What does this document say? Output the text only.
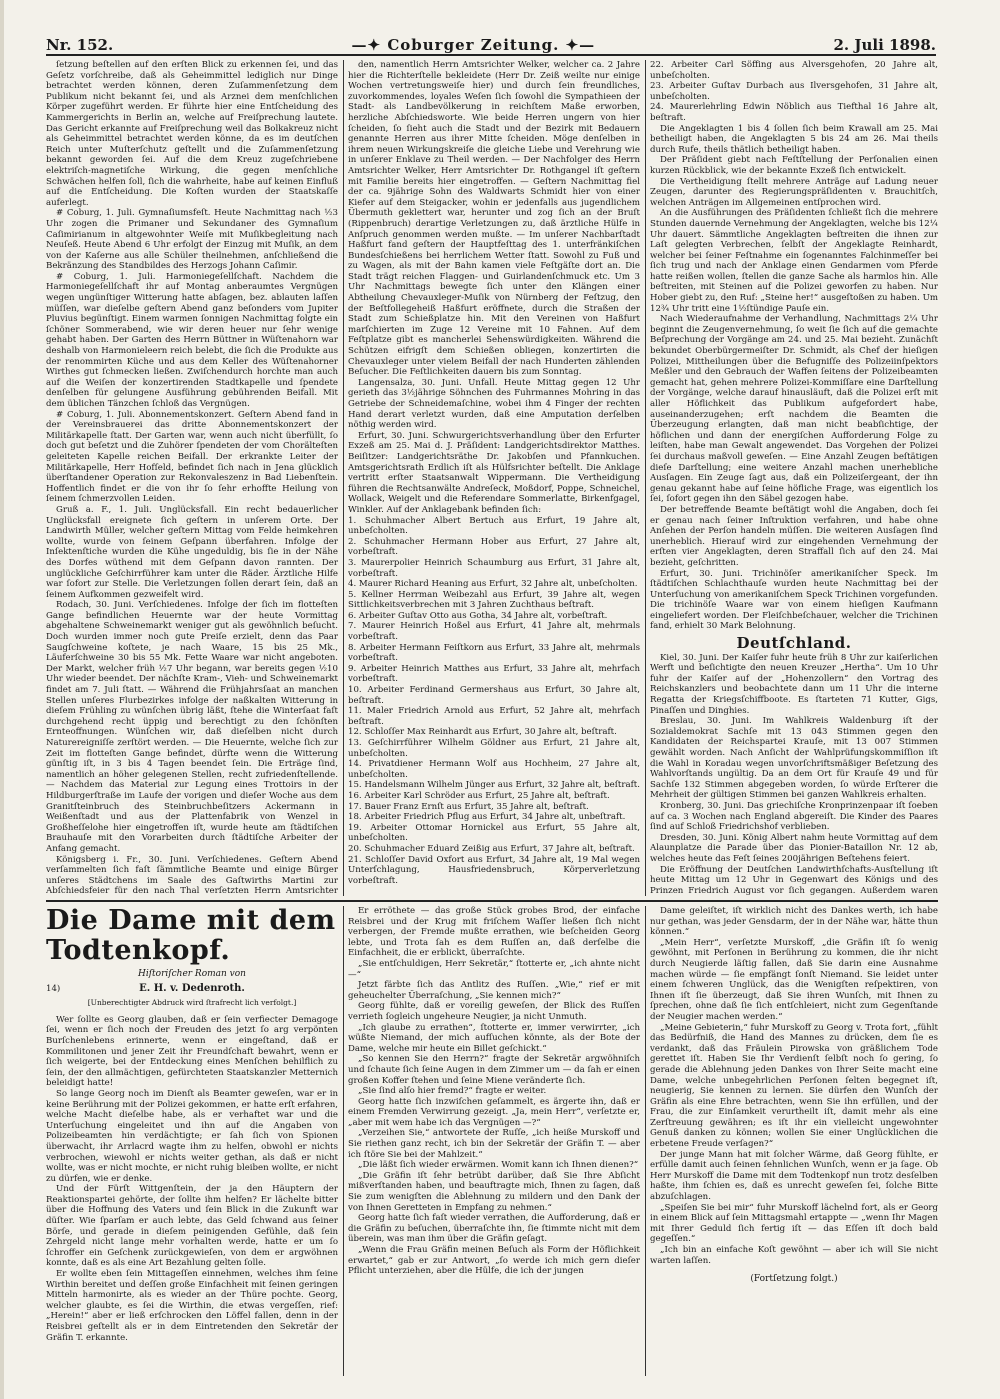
Nr. 152.	—✦ Coburger Zeitung. ✦—	2. Juli 1898.

ſetzung beſtellen auf den erſten Blick zu erkennen ſei, und das Geſetz vorſchreibe, daß als Geheimmittel lediglich nur Dinge betrachtet werden können, deren Zuſammenſetzung dem Publikum nicht bekannt ſei, und als Arznei dem menſchlichen Körper zugeführt werden. Er führte hier eine Entſcheidung des Kammergerichts in Berlin an, welche auf Freiſprechung lautete. Das Gericht erkannte auf Freiſprechung weil das Bolkakreuz nicht als Geheimmittel betrachtet werden könne, da es im deutſchen Reich unter Muſterſchutz geſtellt und die Zuſammenſetzung bekannt geworden ſei. Auf die dem Kreuz zugeſchriebene elektriſch-magnetiſche Wirkung, die gegen menſchliche Schwächen helfen ſoll, ſich die wahrheite, habe auf keinen Einfluß auf die Entſcheidung. Die Koſten wurden der Staatskaſſe auferlegt.

# Coburg, 1. Juli. Gymnaſiumsfeſt. Heute Nachmittag nach ½3 Uhr zogen die Primaner und Sekundaner des Gymnaſium Caſimirianum in altgewohnter Weiſe mit Muſikbegleitung nach Neuſeß. Heute Abend 6 Uhr erfolgt der Einzug mit Muſik, an dem von der Kaſerne aus alle Schüler theilnehmen, anſchließend die Bekränzung des Standbildes des Herzogs Johann Caſimir.

# Coburg, 1. Juli. Harmoniegeſellſchaft. Nachdem die Harmoniegeſellſchaft ihr auf Montag anberaumtes Vergnügen wegen ungünſtiger Witterung hatte abſagen, bez. ablauten laſſen müſſen, war dieſelbe geſtern Abend ganz beſonders vom Jupiter Pluvius begünſtigt. Einem warmen ſonnigen Nachmittag folgte ein ſchöner Sommerabend, wie wir deren heuer nur ſehr wenige gehabt haben. Der Garten des Herrn Büttner in Wüſtenahorn war deshalb von Harmonieleern reich belebt, die ſich die Produkte aus der renommirten Küche und aus dem Keller des Wüſtenahorner Wirthes gut ſchmecken ließen. Zwiſchendurch horchte man auch auf die Weiſen der konzertirenden Stadtkapelle und ſpendete denſelben für gelungene Ausführung gebührenden Beifall. Mit dem üblichen Tänzchen ſchloß das Vergnügen.

# Coburg, 1. Juli. Abonnementskonzert. Geſtern Abend fand in der Vereinsbrauerei das dritte Abonnementskonzert der Militärkapelle ſtatt. Der Garten war, wenn auch nicht überfüllt, ſo doch gut beſetzt und die Zuhörer ſpendeten der vom Chorälteſten geleiteten Kapelle reichen Beifall. Der erkrankte Leiter der Militärkapelle, Herr Hofſeld, befindet ſich nach in Jena glücklich überſtandener Operation zur Rekonvaleszenz in Bad Liebenſtein. Hoffentlich findet er die von ihr ſo ſehr erhoffte Heilung von ſeinem ſchmerzvollen Leiden.

Gruß a. F., 1. Juli. Unglücksfall. Ein recht bedauerlicher Unglücksfall ereignete ſich geſtern in unſerem Orte. Der Landwirth Müller, welcher geſtern Mittag vom Felde heimkehren wollte, wurde von ſeinem Geſpann überfahren. Infolge der Inſektenſtiche wurden die Kühe ungeduldig, bis ſie in der Nähe des Dorfes wüthend mit dem Geſpann davon rannten. Der unglückliche Geſchirrführer kam unter die Räder. Ärztliche Hilfe war ſofort zur Stelle. Die Verletzungen ſollen derart ſein, daß an ſeinem Aufkommen gezweifelt wird.

Rodach, 30. Juni. Verſchiedenes. Infolge der ſich im flotteſten Gange befindlichen Heuernte war der heute Vormittag abgehaltene Schweinemarkt weniger gut als gewöhnlich beſucht. Doch wurden immer noch gute Preiſe erzielt, denn das Paar Saugſchweine koſtete, je nach Waare, 15 bis 25 Mk., Läuferſchweine 30 bis 55 Mk. Fette Waare war nicht angeboten. Der Markt, welcher früh ½7 Uhr begann, war bereits gegen ½10 Uhr wieder beendet. Der nächſte Kram-, Vieh- und Schweinemarkt findet am 7. Juli ſtatt. — Während die Frühjahrsſaat an manchen Stellen unſeres Flurbezirkes infolge der naßkalten Witterung in dieſem Frühling zu wünſchen übrig läßt, ſtehe die Winterſaat faſt durchgehend recht üppig und berechtigt zu den ſchönſten Ernteoffnungen. Wünſchen wir, daß dieſelben nicht durch Naturereigniſſe zerſtört werden. — Die Heuernte, welche ſich zur Zeit im flotteſten Gange befindet, dürfte wenn die Witterung günſtig iſt, in 3 bis 4 Tagen beendet ſein. Die Erträge ſind, namentlich an höher gelegenen Stellen, recht zufriedenſtellende. — Nachdem das Material zur Legung eines Trottoirs in der Hildburgerſtraße im Laufe der vorigen und dieſer Woche aus dem Granitſteinbruch des Steinbruchbeſitzers Ackermann in Weißenſtadt und aus der Plattenfabrik von Wenzel in Großheſſelohe hier eingetroffen iſt, wurde heute am ſtädtiſchen Brauhauſe mit den Vorarbeiten durch ſtädtiſche Arbeiter der Anfang gemacht.

Königsberg i. Fr., 30. Juni. Verſchiedenes. Geſtern Abend verſammelten ſich faſt ſämmtliche Beamte und einige Bürger unſeres Städtchens im Saale des Gaſtwirths Martini zur Abſchiedsfeier für den nach Thal verſetzten Herrn Amtsrichter

den, namentlich Herrn Amtsrichter Welker, welcher ca. 2 Jahre hier die Richterſtelle bekleidete (Herr Dr. Zeiß weilte nur einige Wochen vertretungsweiſe hier) und durch ſein freundliches, zuvorkommendes, loyales Weſen ſich ſowohl die Sympathieen der Stadt- als Landbevölkerung in reichſtem Maße erworben, herzliche Abſchiedsworte. Wie beide Herren ungern von hier ſcheiden, ſo ſieht auch die Stadt und der Bezirk mit Bedauern genannte Herren aus ihrer Mitte ſcheiden. Möge denſelben in ihrem neuen Wirkungskreiſe die gleiche Liebe und Verehrung wie in unſerer Enklave zu Theil werden. — Der Nachfolger des Herrn Amtsrichter Welker, Herr Amtsrichter Dr. Rothgangel iſt geſtern mit Familie bereits hier eingetroffen. — Geſtern Nachmittag fiel der ca. 9jährige Sohn des Waldwarts Schmidt hier von einer Kiefer auf dem Steigacker, wohin er jedenfalls aus jugendlichem Übermuth geklettert war, herunter und zog ſich an der Bruſt (Rippenbruch) derartige Verletzungen zu, daß ärztliche Hülfe in Anſpruch genommen werden mußte. — Im unſerer Nachbarſtadt Haßfurt fand geſtern der Hauptfeſttag des 1. unterfränkiſchen Bundesſchießens bei herrlichem Wetter ſtatt. Sowohl zu Fuß und zu Wagen, als mit der Bahn kamen viele Feſtgäſte dort an. Die Stadt trägt reichen Flaggen- und Guirlandenſchmuck etc. Um 3 Uhr Nachmittags bewegte ſich unter den Klängen einer Abtheilung Chevauxleger-Muſik von Nürnberg der Feſtzug, den der Beſtfollegeheiß Haßfurt eröffnete, durch die Straßen der Stadt zum Schießplatze hin. Mit den Vereinen von Haßfurt marſchierten im Zuge 12 Vereine mit 10 Fahnen. Auf dem Feſtplatze gibt es mancherlei Sehenswürdigkeiten. Während die Schützen eifrigſt dem Schießen obliegen, konzertirten die Chevauxleger unter vielem Beifall der nach Hunderten zählenden Beſucher. Die Feſtlichkeiten dauern bis zum Sonntag.

Langensalza, 30. Juni. Unfall. Heute Mittag gegen 12 Uhr gerieth das 3½jährige Söhnchen des Fuhrmannes Mohring in das Getriebe der Schneidemaſchine, wobei ihm 4 Finger der rechten Hand derart verletzt wurden, daß eine Amputation derſelben nöthig werden wird.

Erfurt, 30. Juni. Schwurgerichtsverhandlung über den Erfurter Exzeß am 25. Mai d. J. Präſident: Landgerichtsdirektor Matthes. Beiſitzer: Landgerichtsräthe Dr. Jakobſen und Pfannkuchen. Amtsgerichtsrath Erdlich iſt als Hülfsrichter beſtellt. Die Anklage vertritt erſter Staatsanwalt Wippermann. Die Vertheidigung führen die Rechtsanwälte Andreſeck, Moßdorf, Poppe, Schneichel, Wollack, Weigelt und die Referendare Sommerlatte, Birkenfgagel, Winkler. Auf der Anklagebank befinden ſich:

1. Schuhmacher Albert Bertuch aus Erfurt, 19 Jahre alt, unbeſcholten.

2. Schuhmacher Hermann Hober aus Erfurt, 27 Jahre alt, vorbeſtraft.

3. Maurerpolier Heinrich Schaumburg aus Erfurt, 31 Jahre alt, vorbeſtraft.

4. Maurer Richard Heaning aus Erfurt, 32 Jahre alt, unbeſcholten.

5. Kellner Herrman Weibezahl aus Erfurt, 39 Jahre alt, wegen Sittlichkeitsverbrechen mit 3 Jahren Zuchthaus beſtraft.

6. Arbeiter Guſtav Otto aus Gotha, 34 Jahre alt, vorbeſtraft.

7. Maurer Heinrich Hoßel aus Erfurt, 41 Jahre alt, mehrmals vorbeſtraft.

8. Arbeiter Hermann Feiſtkorn aus Erfurt, 33 Jahre alt, mehrmals vorbeſtraft.

9. Arbeiter Heinrich Matthes aus Erfurt, 33 Jahre alt, mehrfach vorbeſtraft.

10. Arbeiter Ferdinand Germershaus aus Erfurt, 30 Jahre alt, beſtraft.

11. Maler Friedrich Arnold aus Erfurt, 52 Jahre alt, mehrfach beſtraft.

12. Schloſſer Max Reinhardt aus Erfurt, 30 Jahre alt, beſtraft.

13. Geſchirrführer Wilhelm Göldner aus Erfurt, 21 Jahre alt, unbeſcholten.

14. Privatdiener Hermann Wolf aus Hochheim, 27 Jahre alt, unbeſcholten.

15. Handelsmann Wilhelm Jünger aus Erfurt, 32 Jahre alt, beſtraft.

16. Arbeiter Karl Schröder aus Erfurt, 25 Jahre alt, beſtraft.

17. Bauer Franz Ernſt aus Erfurt, 35 Jahre alt, beſtraft.

18. Arbeiter Friedrich Pflug aus Erfurt, 34 Jahre alt, unbeſtraft.

19. Arbeiter Ottomar Hornickel aus Erfurt, 55 Jahre alt, unbeſcholten.

20. Schuhmacher Eduard Zeißig aus Erfurt, 37 Jahre alt, beſtraft.

21. Schloſſer David Oxfort aus Erfurt, 34 Jahre alt, 19 Mal wegen Unterſchlagung, Hausfriedensbruch, Körperverletzung vorbeſtraft.

22. Arbeiter Carl Söffing aus Alversgehofen, 20 Jahre alt, unbeſcholten.

23. Arbeiter Guſtav Durbach aus Ilversgehofen, 31 Jahre alt, unbeſcholten.

24. Maurerlehrling Edwin Nöblich aus Tiefthal 16 Jahre alt, beſtraft.

Die Angeklagten 1 bis 4 ſollen ſich beim Krawall am 25. Mai betheiligt haben, die Angeklagten 5 bis 24 am 26. Mai theils durch Rufe, theils thätlich betheiligt haben.

Der Präſident giebt nach Feſtſtellung der Perſonalien einen kurzen Rückblick, wie der bekannte Exzeß ſich entwickelt.

Die Vertheidigung ſtellt mehrere Anträge auf Ladung neuer Zeugen, darunter des Regierungspräſidenten v. Brauchitſch, welchen Anträgen im Allgemeinen entſprochen wird.

An die Ausführungen des Präſidenten ſchließt ſich die mehrere Stunden dauernde Vernehmung der Angeklagten, welche bis 12¼ Uhr dauert. Sämmtliche Angeklagten beſtreiten die ihnen zur Laſt gelegten Verbrechen, ſelbſt der Angeklagte Reinhardt, welcher bei ſeiner Feſtnahme ein ſogenanntes Falchinmeſſer bei ſich trug und nach der Anklage einen Gendarmen vom Pferde hatte reißen wollen, ſtellen die ganze Sache als harmlos hin. Alle beſtreiten, mit Steinen auf die Polizei geworfen zu haben. Nur Hober giebt zu, den Ruf: „Steine her!“ ausgeſtoßen zu haben. Um 12¾ Uhr tritt eine 1½ſtündige Pauſe ein.

Nach Wiederaufnahme der Verhandlung, Nachmittags 2¼ Uhr beginnt die Zeugenvernehmung, ſo weit ſie ſich auf die gemachte Beſprechung der Vorgänge am 24. und 25. Mai bezieht. Zunächſt bekundet Oberbürgermeiſter Dr. Schmidt, als Chef der hieſigen Polizei, Mittheilungen über die Befugniſſe des Polizeiinſpektors Meßler und den Gebrauch der Waffen ſeitens der Polizeibeamten gemacht hat, gehen mehrere Polizei-Kommiſſare eine Darſtellung der Vorgänge, welche darauf hinausläuft, daß die Polizei erſt mit aller Höflichkeit das Publikum aufgefordert habe, auseinanderzugehen; erſt nachdem die Beamten die Überzeugung erlangten, daß man nicht beabſichtige, der höflichen und dann der energiſchen Aufforderung Folge zu leiſten, habe man Gewalt angewendet. Das Vorgehen der Polizei ſei durchaus maßvoll geweſen. — Eine Anzahl Zeugen beſtätigen dieſe Darſtellung; eine weitere Anzahl machen unerhebliche Ausſagen. Ein Zeuge ſagt aus, daß ein Polizeiſergeant, der ihn genau gekannt habe auf ſeine höfliche Frage, was eigentlich los ſei, ſofort gegen ihn den Säbel gezogen habe.

Der betreffende Beamte beſtätigt wohl die Angaben, doch ſei er genau nach ſeiner Inſtruktion verfahren, und habe ohne Anſehen der Perſon handeln müſſen. Die weiteren Ausſagen ſind unerheblich. Hierauf wird zur eingehenden Vernehmung der erſten vier Angeklagten, deren Straffall ſich auf den 24. Mai bezieht, geſchritten.

Erfurt, 30. Juni. Trichinöſer amerikaniſcher Speck. Im ſtädtiſchen Schlachthauſe wurden heute Nachmittag bei der Unterſuchung von amerikaniſchem Speck Trichinen vorgefunden. Die trichinöſe Waare war von einem hieſigen Kaufmann eingeliefert worden. Der Fleiſchbeſchauer, welcher die Trichinen fand, erhielt 30 Mark Belohnung.

Deutſchland.

Kiel, 30. Juni. Der Kaiſer fuhr heute früh 8 Uhr zur kaiſerlichen Werft und beſichtigte den neuen Kreuzer „Hertha“. Um 10 Uhr fuhr der Kaiſer auf der „Hohenzollern“ den Vortrag des Reichskanzlers und beobachtete dann um 11 Uhr die interne Regatta der Kriegsſchiffboote. Es ſtarteten 71 Kutter, Gigs, Pinaſſen und Dinghies.

Breslau, 30. Juni. Im Wahlkreis Waldenburg iſt der Sozialdemokrat Sachſe mit 13 043 Stimmen gegen den Kandidaten der Reichspartei Krauſe, mit 13 007 Stimmen gewählt worden. Nach Anſicht der Wahlprüfungskommiſſion iſt die Wahl in Koradau wegen unvorſchriftsmäßiger Beſetzung des Wahlvorſtands ungültig. Da an dem Ort für Krauſe 49 und für Sachſe 132 Stimmen abgegeben worden, ſo würde Erſterer die Mehrheit der gültigen Stimmen bei ganzen Wahlkreis erhalten.

Kronberg, 30. Juni. Das griechiſche Kronprinzenpaar iſt ſoeben auf ca. 3 Wochen nach England abgereiſt. Die Kinder des Paares ſind auf Schloß Friedrichshof verblieben.

Dresden, 30. Juni. König Albert nahm heute Vormittag auf dem Alaunplatze die Parade über das Pionier-Bataillon Nr. 12 ab, welches heute das Feſt ſeines 200jährigen Beſtehens feiert.

Die Eröffnung der Deutſchen Landwirthſchafts-Ausſtellung iſt heute Mittag um 12 Uhr in Gegenwart des Königs und des Prinzen Friedrich August vor ſich gegangen. Außerdem waren

Die Dame mit dem Todtenkopf.
Hiſtoriſcher Roman von
14)	E. H. v. Dedenroth.
[Unberechtigter Abdruck wird ſtrafrecht lich verfolgt.]

Wer ſollte es Georg glauben, daß er ſein verfiecter Demagoge ſei, wenn er ſich noch der Freuden des jetzt ſo arg verpönten Burſchenlebens erinnerte, wenn er eingeſtand, daß er Kommilitonen und jener Zeit ihr Freundſchaft bewahrt, wenn er ſich weigerte, bei der Entdeckung eines Menſchen behilflich zu ſein, der den allmächtigen, gefürchteten Staatskanzler Metternich beleidigt hatte!

So lange Georg noch im Dienſt als Beamter geweſen, war er in keine Berührung mit der Polizei gekommen, er hatte erſt erfahren, welche Macht dieſelbe habe, als er verhaftet war und die Unterſuchung eingeleitet und ihn auf die Angaben von Polizeibeamten hin verdächtigte; er ſah ſich von Spionen überwacht, ihr Arrlacrd wagte ihm zu helfen, obwohl er nichts verbrochen, wiewohl er nichts weiter gethan, als daß er nicht wollte, was er nicht mochte, er nicht ruhig bleiben wollte, er nicht zu dürfen, wie er denke.

Und der Fürſt Wittgenſtein, der ja den Häuptern der Reaktionspartei gehörte, der ſollte ihm helfen? Er lächelte bitter über die Hoffnung des Vaters und ſein Blick in die Zukunft war düſter. Wie ſparſam er auch lebte, das Geld ſchwand aus ſeiner Börſe, und gerade in dieſem peinigenden Gefühle, daß ſein Zehrgeld nicht lange mehr vorhalten werde, hatte er um ſo ſchroffer ein Geſchenk zurückgewieſen, von dem er argwöhnen konnte, daß es als eine Art Bezahlung gelten ſolle.

Er wollte eben ſein Mittageſſen einnehmen, welches ihm ſeine Wirthin bereitet und deſſen große Einfachheit mit ſeinen geringen Mitteln harmonirte, als es wieder an der Thüre pochte. Georg, welcher glaubte, es ſei die Wirthin, die etwas vergeſſen, rief: „Herein!“ aber er ließ erſchrocken den Löffel fallen, denn in der Reisbrei geſtellt als er in dem Eintretenden den Sekretär der Gräfin T. erkannte.

Er erröthete — das große Stück grobes Brod, der einfache Reisbrei und der Krug mit friſchem Waſſer ließen ſich nicht verbergen, der Fremde mußte errathen, wie beſcheiden Georg lebte, und Trota ſah es dem Ruſſen an, daß derſelbe die Einfachheit, die er erblickt, überraſchte.

„Sie entſchuldigen, Herr Sekretär,“ ſtotterte er, „ich ahnte nicht —“

Jetzt färbte ſich das Antlitz des Ruſſen. „Wie,“ rief er mit geheuchelter Überraſchung, „Sie kennen mich?“

Georg fühlte, daß er voreilig geweſen, der Blick des Ruſſen verrieth ſogleich ungeheure Neugier, ja nicht Unmuth.

„Ich glaube zu errathen“, ſtotterte er, immer verwirrter, „ich wüßte Niemand, der mich aufſuchen könnte, als der Bote der Dame, welche mir heute ein Billet geſchickt.“

„So kennen Sie den Herrn?“ fragte der Sekretär argwöhniſch und ſchaute ſich ſeine Augen in dem Zimmer um — da ſah er einen großen Koffer ſtehen und ſeine Miene veränderte ſich.

„Sie ſind alſo hier fremd?“ fragte er weiter.

Georg hatte ſich inzwiſchen geſammelt, es ärgerte ihn, daß er einem Fremden Verwirrung gezeigt. „Ja, mein Herr“, verſetzte er, „aber mit wem habe ich das Vergnügen —?“

„Verzeihen Sie,“ antwortete der Ruſſe, „ich heiße Murskoff und Sie riethen ganz recht, ich bin der Sekretär der Gräfin T. — aber ich ſtöre Sie bei der Mahlzeit.“

„Die läßt ſich wieder erwärmen. Womit kann ich Ihnen dienen?“

„Die Gräfin iſt ſehr betrübt darüber, daß Sie Ihre Abſicht mißverſtanden haben, und beauftragte mich, Ihnen zu ſagen, daß Sie zum wenigſten die Ablehnung zu mildern und den Dank der von Ihnen Geretteten in Empfang zu nehmen.“

Georg hatte ſich faſt wieder verrathen, die Aufforderung, daß er die Gräfin zu beſuchen, überraſchte ihn, ſie ſtimmte nicht mit dem überein, was man ihm über die Gräfin geſagt.

„Wenn die Frau Gräfin meinen Beſuch als Form der Höflichkeit erwartet,“ gab er zur Antwort, „ſo werde ich mich gern dieſer Pflicht unterziehen, aber die Hülfe, die ich der jungen

Dame geleiſtet, iſt wirklich nicht des Dankes werth, ich habe nur gethan, was jeder Gensdarm, der in der Nähe war, hätte thun können.“

„Mein Herr“, verſetzte Murskoff, „die Gräfin iſt ſo wenig gewöhnt, mit Perſonen in Berührung zu kommen, die ihr nicht durch Neugierde läſtig fallen, daß Sie darin eine Ausnahme machen würde — ſie empfängt ſonſt Niemand. Sie leidet unter einem ſchweren Unglück, das die Wenigſten reſpektiren, von Ihnen iſt ſie überzeugt, daß Sie ihren Wunſch, mit Ihnen zu ſprechen, ohne daß ſie ſich entſchleiert, nicht zum Gegenſtande der Neugier machen werden.“

„Meine Gebieterin,“ fuhr Murskoff zu Georg v. Trota fort, „fühlt das Bedürfniß, die Hand des Mannes zu drücken, dem ſie es verdankt, daß das Fräulein Pirowska von gräßlichem Tode gerettet iſt. Haben Sie Ihr Verdienſt ſelbſt noch ſo gering, ſo gerade die Ablehnung jeden Dankes von Ihrer Seite macht eine Dame, welche unbegehrlichen Perſonen ſelten begegnet iſt, neugierig, Sie kennen zu lernen. Sie dürfen den Wunſch der Gräfin als eine Ehre betrachten, wenn Sie ihn erfüllen, und der Frau, die zur Einſamkeit verurtheilt iſt, damit mehr als eine Zerſtreuung gewähren; es iſt ihr ein vielleicht ungewohnter Genuß danken zu können; wollen Sie einer Unglücklichen die erbetene Freude verſagen?“

Der junge Mann hat mit ſolcher Wärme, daß Georg fühlte, er erfülle damit auch ſeinen ſehnlichen Wunſch, wenn er ja ſage. Ob Herr Murskoff die Dame mit dem Todtenkopf nun trotz desſelben haßte, ihm ſchien es, daß es unrecht geweſen ſei, ſolche Bitte abzuſchlagen.

„Speiſen Sie bei mir“ fuhr Murskoff lächelnd fort, als er Georg in einem Blick auf ſein Mittagsmahl ertappte — „wenn Ihr Magen mit Ihrer Geduld ſich fertig iſt — das Eſſen iſt doch bald gegeſſen.“

„Ich bin an einfache Koſt gewöhnt — aber ich will Sie nicht warten laſſen.

(Fortſetzung folgt.)
